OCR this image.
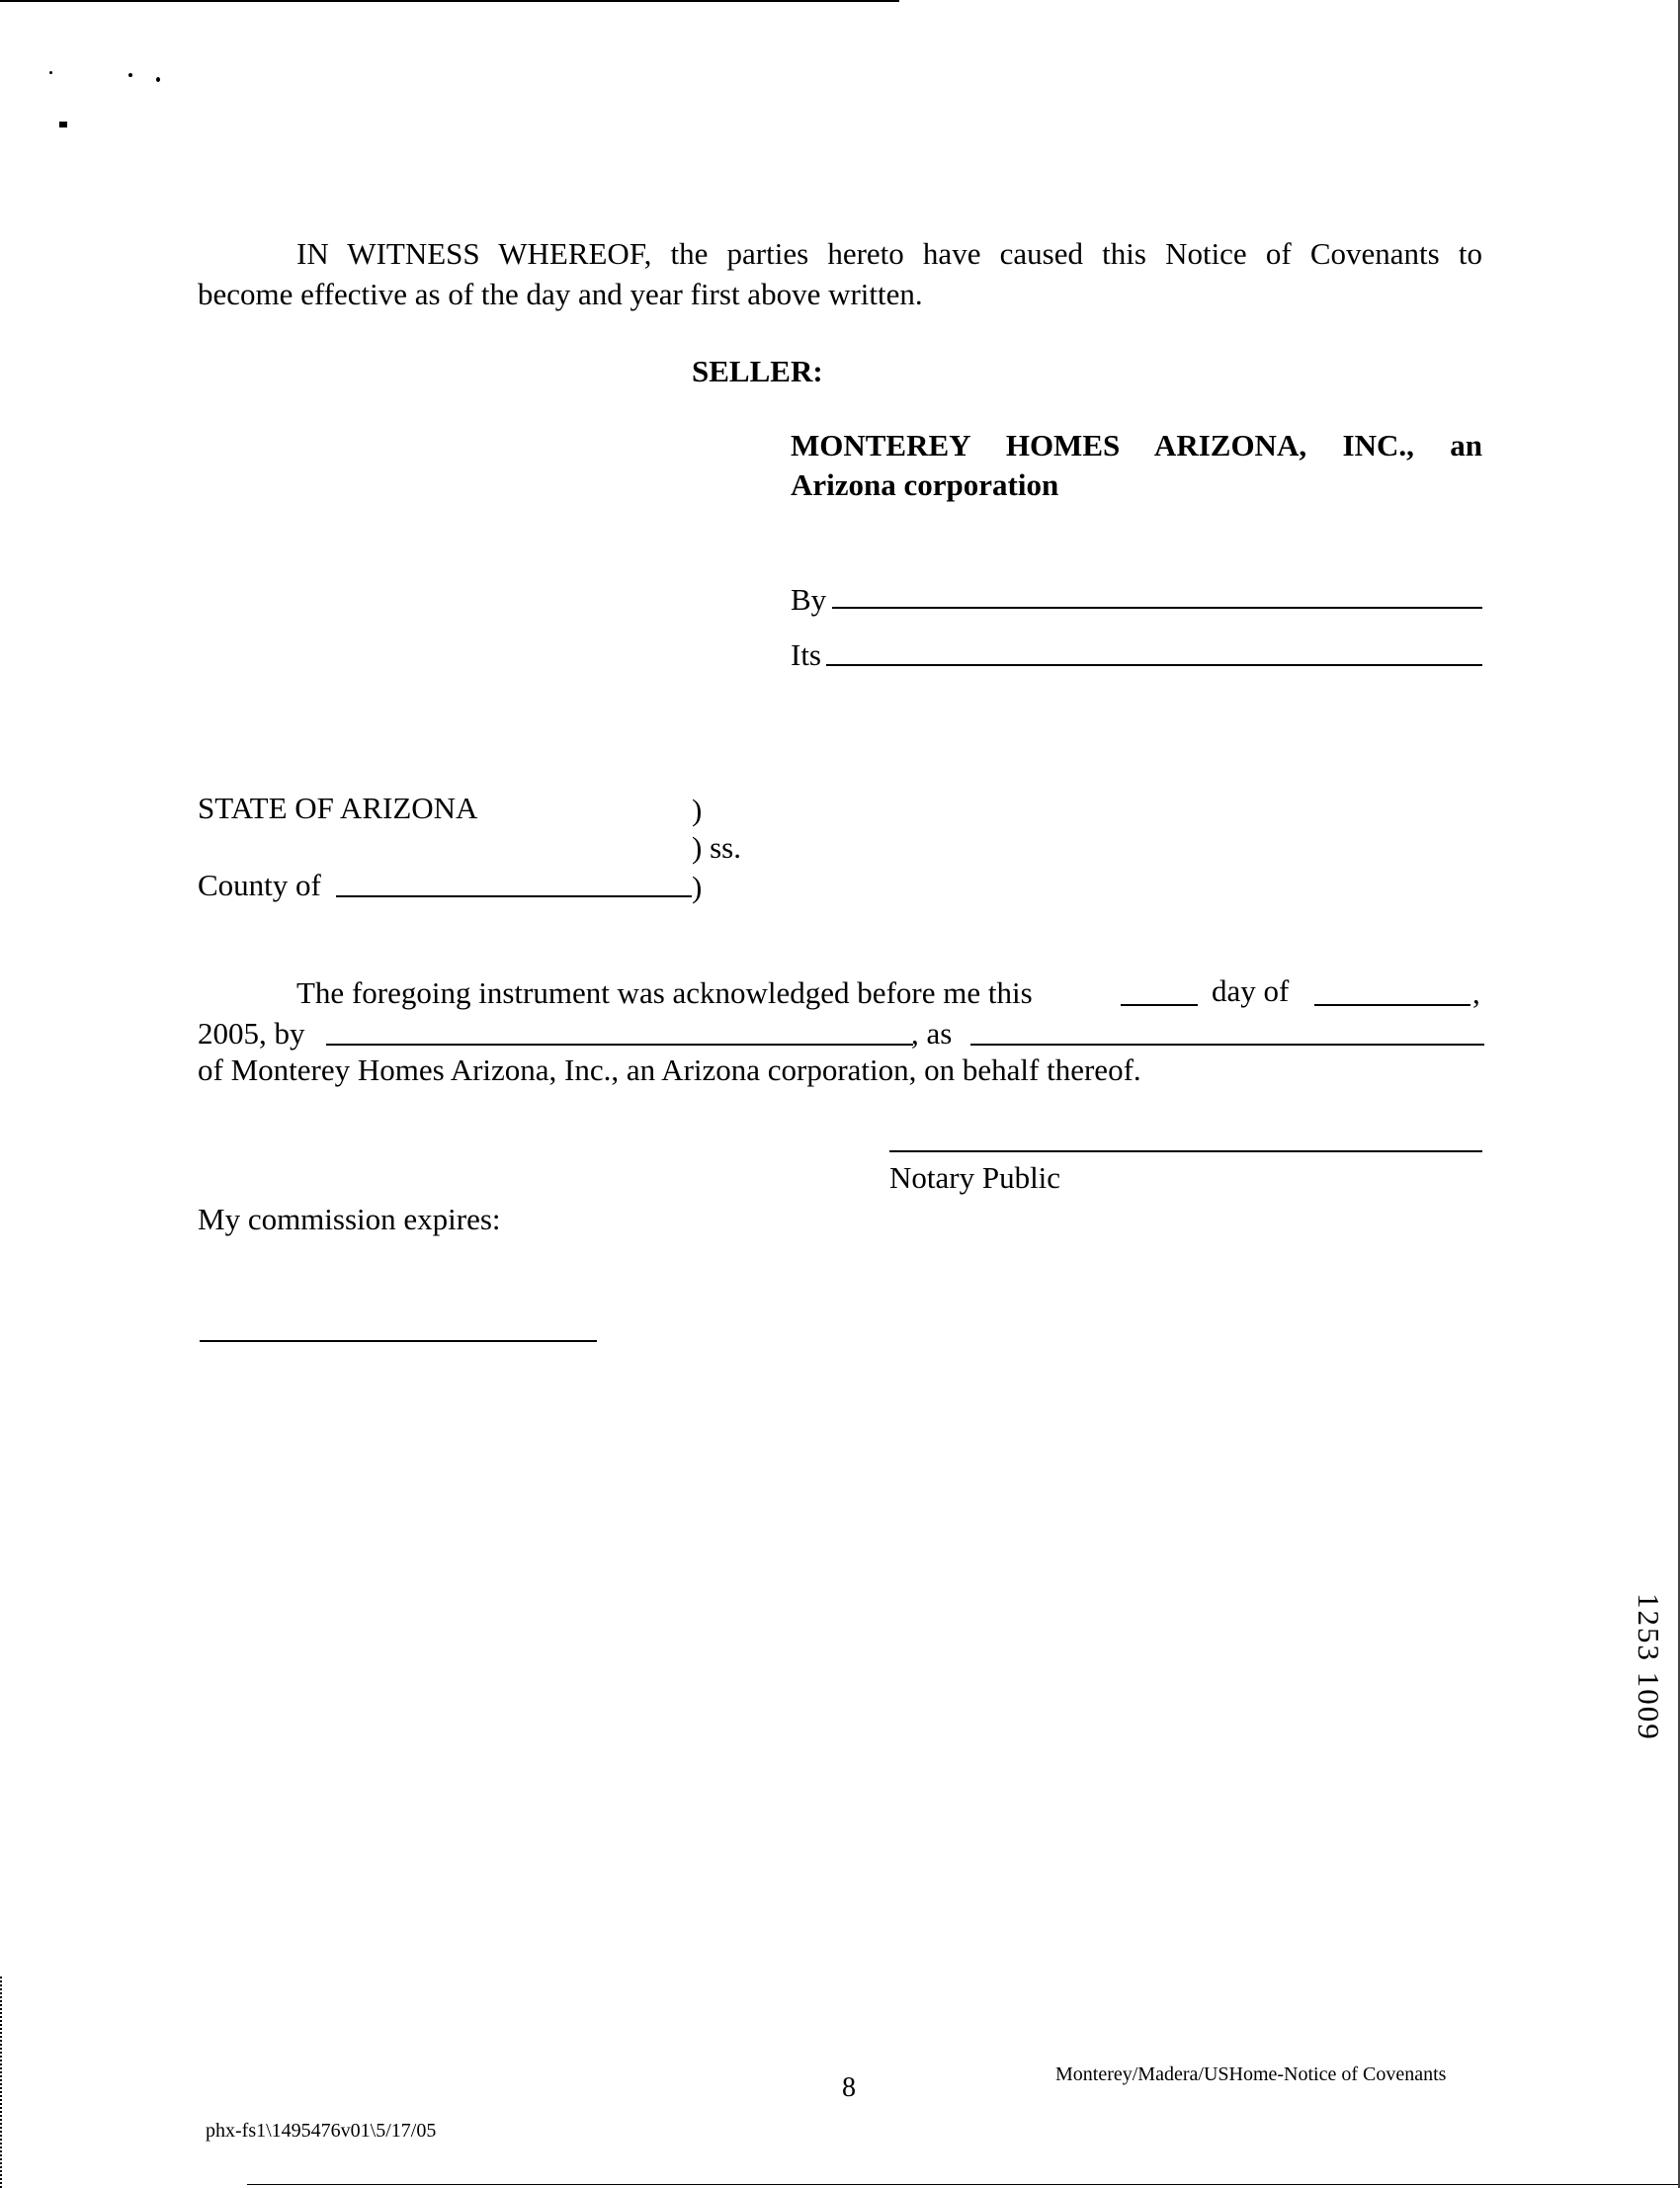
IN WITNESS WHEREOF, the parties hereto have caused this Notice of Covenants to
become effective as of the day and year first above written.
SELLER:
MONTEREY HOMES ARIZONA, INC., an
Arizona corporation
By
Its
STATE OF ARIZONA	)
) ss.
County of	)
The foregoing instrument was acknowledged before me this	day of	,
2005, by	, as
of Monterey Homes Arizona, Inc., an Arizona corporation, on behalf thereof.
Notary Public
My commission expires:
1253 1009
8	Monterey/Madera/USHome-Notice of Covenants
phx-fs1\1495476v01\5/17/05
